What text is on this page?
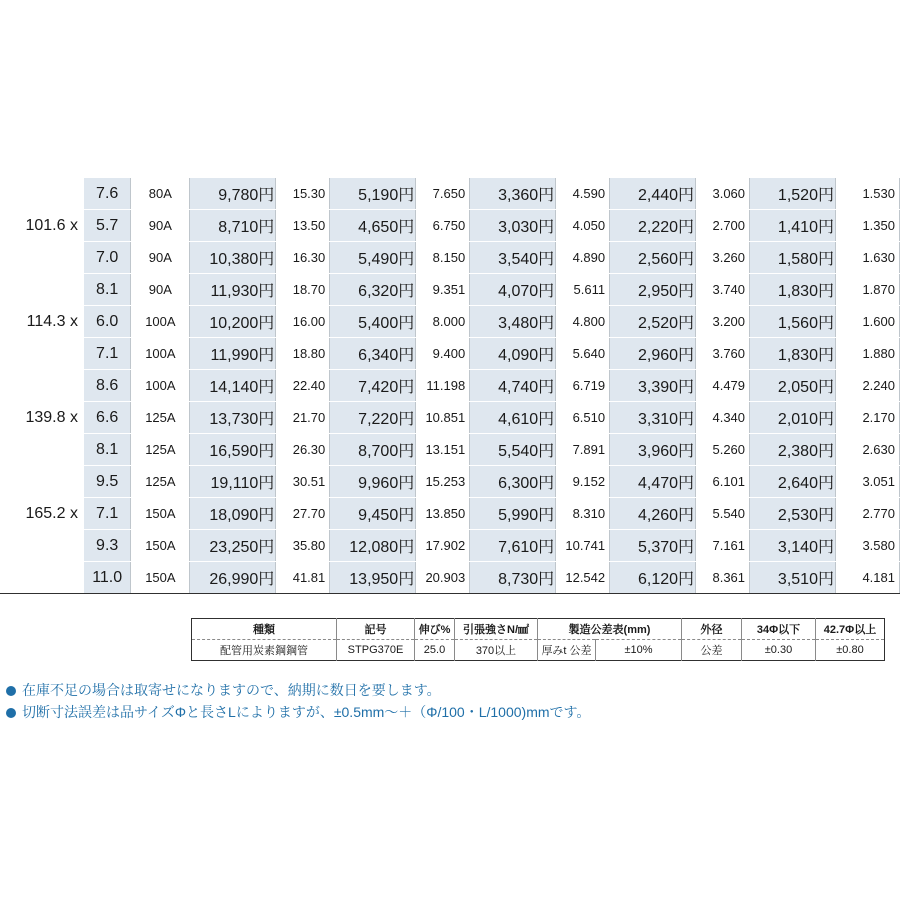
	7.6	80A	9,780円	15.30	5,190円	7.650	3,360円	4.590	2,440円	3.060	1,520円	1.530
101.6 x	5.7	90A	8,710円	13.50	4,650円	6.750	3,030円	4.050	2,220円	2.700	1,410円	1.350
	7.0	90A	10,380円	16.30	5,490円	8.150	3,540円	4.890	2,560円	3.260	1,580円	1.630
	8.1	90A	11,930円	18.70	6,320円	9.351	4,070円	5.611	2,950円	3.740	1,830円	1.870
114.3 x	6.0	100A	10,200円	16.00	5,400円	8.000	3,480円	4.800	2,520円	3.200	1,560円	1.600
	7.1	100A	11,990円	18.80	6,340円	9.400	4,090円	5.640	2,960円	3.760	1,830円	1.880
	8.6	100A	14,140円	22.40	7,420円	11.198	4,740円	6.719	3,390円	4.479	2,050円	2.240
139.8 x	6.6	125A	13,730円	21.70	7,220円	10.851	4,610円	6.510	3,310円	4.340	2,010円	2.170
	8.1	125A	16,590円	26.30	8,700円	13.151	5,540円	7.891	3,960円	5.260	2,380円	2.630
	9.5	125A	19,110円	30.51	9,960円	15.253	6,300円	9.152	4,470円	6.101	2,640円	3.051
165.2 x	7.1	150A	18,090円	27.70	9,450円	13.850	5,990円	8.310	4,260円	5.540	2,530円	2.770
	9.3	150A	23,250円	35.80	12,080円	17.902	7,610円	10.741	5,370円	7.161	3,140円	3.580
	11.0	150A	26,990円	41.81	13,950円	20.903	8,730円	12.542	6,120円	8.361	3,510円	4.181
種類	記号	伸び%	引張強さN/㎟	製造公差表(mm)		外径	34Φ以下	42.7Φ以上
配管用炭素鋼鋼管	STPG370E	25.0	370以上	厚みt 公差	±10%	公差	±0.30	±0.80
在庫不足の場合は取寄せになりますので、納期に数日を要します。
切断寸法誤差は品サイズΦと長さLによりますが、±0.5mm～＋（Φ/100・L/1000)mmです。
